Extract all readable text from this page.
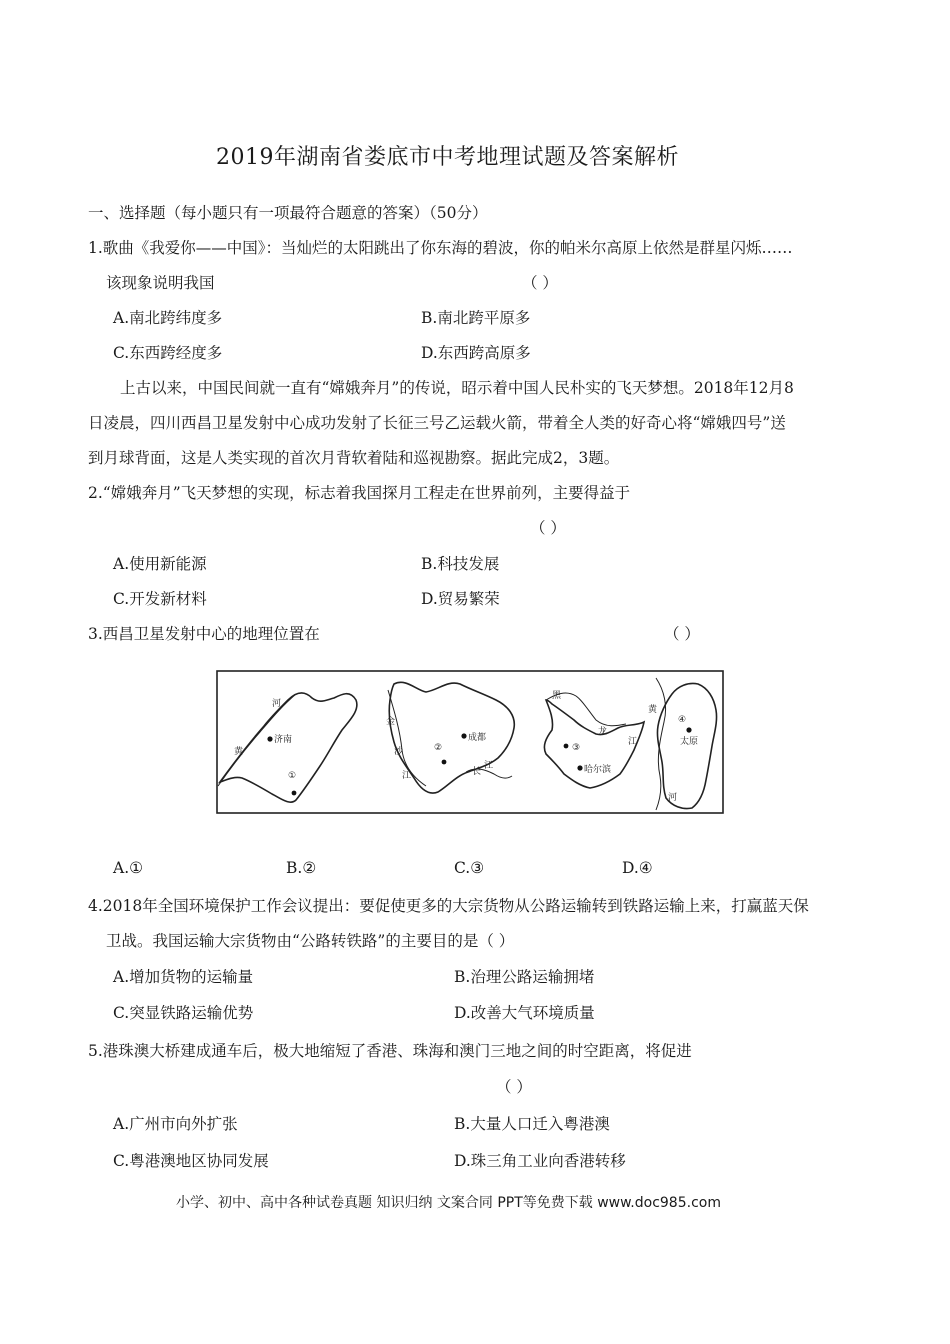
2019年湖南省娄底市中考地理试题及答案解析
一、选择题（每小题只有一项最符合题意的答案）（50分）
1.歌曲《我爱你——中国》：当灿烂的太阳跳出了你东海的碧波，你的帕米尔高原上依然是群星闪烁……
该现象说明我国	（ ）
A.南北跨纬度多	B.南北跨平原多
C.东西跨经度多	D.东西跨高原多
上古以来，中国民间就一直有“嫦娥奔月”的传说，昭示着中国人民朴实的飞天梦想。2018年12月8
日凌晨，四川西昌卫星发射中心成功发射了长征三号乙运载火箭，带着全人类的好奇心将“嫦娥四号”送
到月球背面，这是人类实现的首次月背软着陆和巡视勘察。据此完成2，3题。
2.“嫦娥奔月”飞天梦想的实现，标志着我国探月工程走在世界前列，主要得益于
（ ）
A.使用新能源	B.科技发展
C.开发新材料	D.贸易繁荣
3.西昌卫星发射中心的地理位置在	（ ）
河
黄
济南
①
金
沙
江
成都
②
长
江
黑
龙
江
③
哈尔滨
黄
河
④
太原
A.①	B.②	C.③	D.④
4.2018年全国环境保护工作会议提出：要促使更多的大宗货物从公路运输转到铁路运输上来，打赢蓝天保
卫战。我国运输大宗货物由“公路转铁路”的主要目的是（ ）
A.增加货物的运输量	B.治理公路运输拥堵
C.突显铁路运输优势	D.改善大气环境质量
5.港珠澳大桥建成通车后，极大地缩短了香港、珠海和澳门三地之间的时空距离，将促进
（ ）
A.广州市向外扩张	B.大量人口迁入粤港澳
C.粤港澳地区协同发展	D.珠三角工业向香港转移
小学、初中、高中各种试卷真题 知识归纳 文案合同 PPT等免费下载 www.doc985.com
